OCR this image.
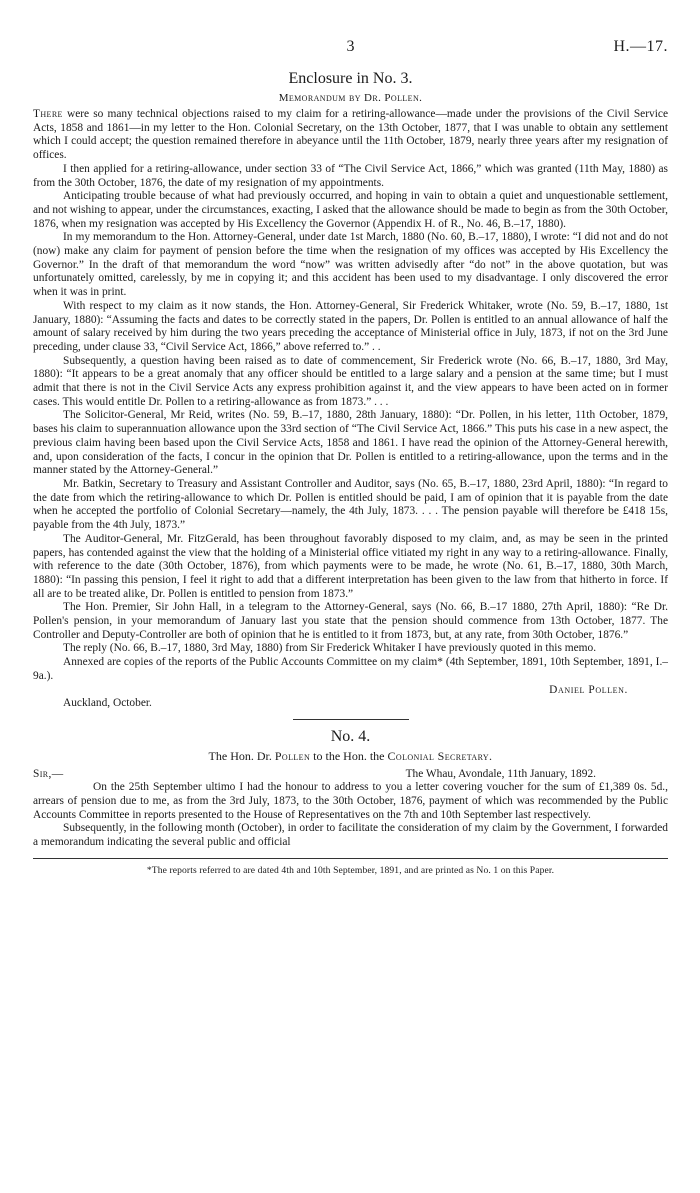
3	H.—17.
Enclosure in No. 3.
Memorandum by Dr. Pollen.

There were so many technical objections raised to my claim for a retiring-allowance—made under the provisions of the Civil Service Acts, 1858 and 1861—in my letter to the Hon. Colonial Secretary, on the 13th October, 1877, that I was unable to obtain any settlement which I could accept; the question remained therefore in abeyance until the 11th October, 1879, nearly three years after my resignation of offices.

I then applied for a retiring-allowance, under section 33 of “The Civil Service Act, 1866,” which was granted (11th May, 1880) as from the 30th October, 1876, the date of my resignation of my appointments.

Anticipating trouble because of what had previously occurred, and hoping in vain to obtain a quiet and unquestionable settlement, and not wishing to appear, under the circumstances, exacting, I asked that the allowance should be made to begin as from the 30th October, 1876, when my resignation was accepted by His Excellency the Governor (Appendix H. of R., No. 46, B.–17, 1880).

In my memorandum to the Hon. Attorney-General, under date 1st March, 1880 (No. 60, B.–17, 1880), I wrote: “I did not and do not (now) make any claim for payment of pension before the time when the resignation of my offices was accepted by His Excellency the Governor.” In the draft of that memorandum the word “now” was written advisedly after “do not” in the above quotation, but was unfortunately omitted, carelessly, by me in copying it; and this accident has been used to my disadvantage. I only discovered the error when it was in print.

With respect to my claim as it now stands, the Hon. Attorney-General, Sir Frederick Whitaker, wrote (No. 59, B.–17, 1880, 1st January, 1880): “Assuming the facts and dates to be correctly stated in the papers, Dr. Pollen is entitled to an annual allowance of half the amount of salary received by him during the two years preceding the acceptance of Ministerial office in July, 1873, if not on the 3rd June preceding, under clause 33, “Civil Service Act, 1866,” above referred to.” . .

Subsequently, a question having been raised as to date of commencement, Sir Frederick wrote (No. 66, B.–17, 1880, 3rd May, 1880): “It appears to be a great anomaly that any officer should be entitled to a large salary and a pension at the same time; but I must admit that there is not in the Civil Service Acts any express prohibition against it, and the view appears to have been acted on in former cases. This would entitle Dr. Pollen to a retiring-allowance as from 1873.” . . .

The Solicitor-General, Mr Reid, writes (No. 59, B.–17, 1880, 28th January, 1880): “Dr. Pollen, in his letter, 11th October, 1879, bases his claim to superannuation allowance upon the 33rd section of “The Civil Service Act, 1866.” This puts his case in a new aspect, the previous claim having been based upon the Civil Service Acts, 1858 and 1861. I have read the opinion of the Attorney-General herewith, and, upon consideration of the facts, I concur in the opinion that Dr. Pollen is entitled to a retiring-allowance, upon the terms and in the manner stated by the Attorney-General.”

Mr. Batkin, Secretary to Treasury and Assistant Controller and Auditor, says (No. 65, B.–17, 1880, 23rd April, 1880): “In regard to the date from which the retiring-allowance to which Dr. Pollen is entitled should be paid, I am of opinion that it is payable from the date when he accepted the portfolio of Colonial Secretary—namely, the 4th July, 1873. . . . The pension payable will therefore be £418 15s, payable from the 4th July, 1873.”

The Auditor-General, Mr. FitzGerald, has been throughout favorably disposed to my claim, and, as may be seen in the printed papers, has contended against the view that the holding of a Ministerial office vitiated my right in any way to a retiring-allowance. Finally, with reference to the date (30th October, 1876), from which payments were to be made, he wrote (No. 61, B.–17, 1880, 30th March, 1880): “In passing this pension, I feel it right to add that a different interpretation has been given to the law from that hitherto in force. If all are to be treated alike, Dr. Pollen is entitled to pension from 1873.”

The Hon. Premier, Sir John Hall, in a telegram to the Attorney-General, says (No. 66, B.–17 1880, 27th April, 1880): “Re Dr. Pollen's pension, in your memorandum of January last you state that the pension should commence from 13th October, 1877. The Controller and Deputy-Controller are both of opinion that he is entitled to it from 1873, but, at any rate, from 30th October, 1876.”

The reply (No. 66, B.–17, 1880, 3rd May, 1880) from Sir Frederick Whitaker I have previously quoted in this memo.

Annexed are copies of the reports of the Public Accounts Committee on my claim* (4th September, 1891, 10th September, 1891, I.–9a.).

Daniel Pollen.

Auckland, October.

No. 4.
The Hon. Dr. Pollen to the Hon. the Colonial Secretary.
Sir,—	The Whau, Avondale, 11th January, 1892.

On the 25th September ultimo I had the honour to address to you a letter covering voucher for the sum of £1,389 0s. 5d., arrears of pension due to me, as from the 3rd July, 1873, to the 30th October, 1876, payment of which was recommended by the Public Accounts Committee in reports presented to the House of Representatives on the 7th and 10th September last respectively.

Subsequently, in the following month (October), in order to facilitate the consideration of my claim by the Government, I forwarded a memorandum indicating the several public and official

*The reports referred to are dated 4th and 10th September, 1891, and are printed as No. 1 on this Paper.
